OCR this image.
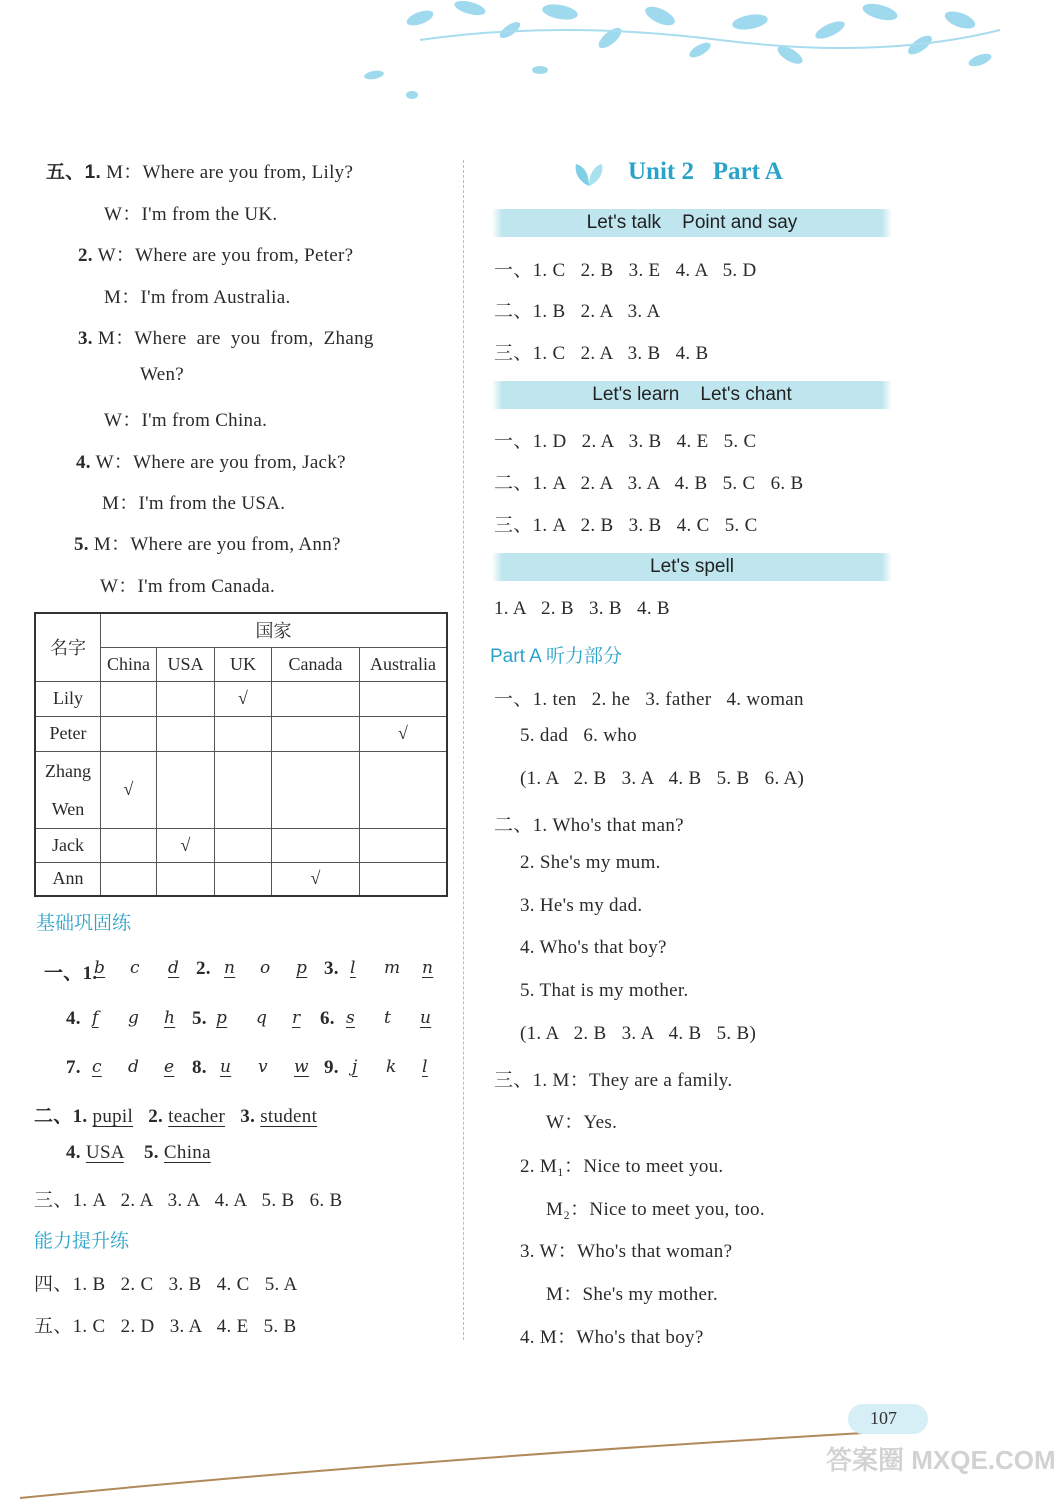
五、1. M：Where are you from, Lily?
W：I'm from the UK.
2. W：Where are you from, Peter?
M：I'm from Australia.
3. M：Where  are  you  from,  Zhang
Wen?
W：I'm from China.
4. W：Where are you from, Jack?
M：I'm from the USA.
5. M：Where are you from, Ann?
W：I'm from Canada.
名字	国家				
	China	USA	UK	Canada	Australia
Lily			√		
Peter					√
Zhang
Wen	√				
Jack		√			
Ann				√	
基础巩固练
一、1.
b c d 2. n o p 3. l m n
4. f g h 5. p q r 6. s t u
7. c d e 8. u v w 9. j k l
二、1. pupil 2. teacher 3. student
4. USA 5. China
三、1. A   2. A   3. A   4. A   5. B   6. B
能力提升练
四、1. B   2. C   3. B   4. C   5. A
五、1. C   2. D   3. A   4. E   5. B
Unit 2   Part A
Let's talk    Point and say
一、1. C   2. B   3. E   4. A   5. D
二、1. B   2. A   3. A
三、1. C   2. A   3. B   4. B
Let's learn    Let's chant
一、1. D   2. A   3. B   4. E   5. C
二、1. A   2. A   3. A   4. B   5. C   6. B
三、1. A   2. B   3. B   4. C   5. C
Let's spell
1. A   2. B   3. B   4. B
Part A 听力部分
一、1. ten   2. he   3. father   4. woman
5. dad   6. who
(1. A   2. B   3. A   4. B   5. B   6. A)
二、1. Who's that man?
2. She's my mum.
3. He's my dad.
4. Who's that boy?
5. That is my mother.
(1. A   2. B   3. A   4. B   5. B)
三、1. M：They are a family.
W：Yes.
2. M₁：Nice to meet you.
M₂：Nice to meet you, too.
3. W：Who's that woman?
M：She's my mother.
4. M：Who's that boy?
107
答案圈 MXQE.COM
